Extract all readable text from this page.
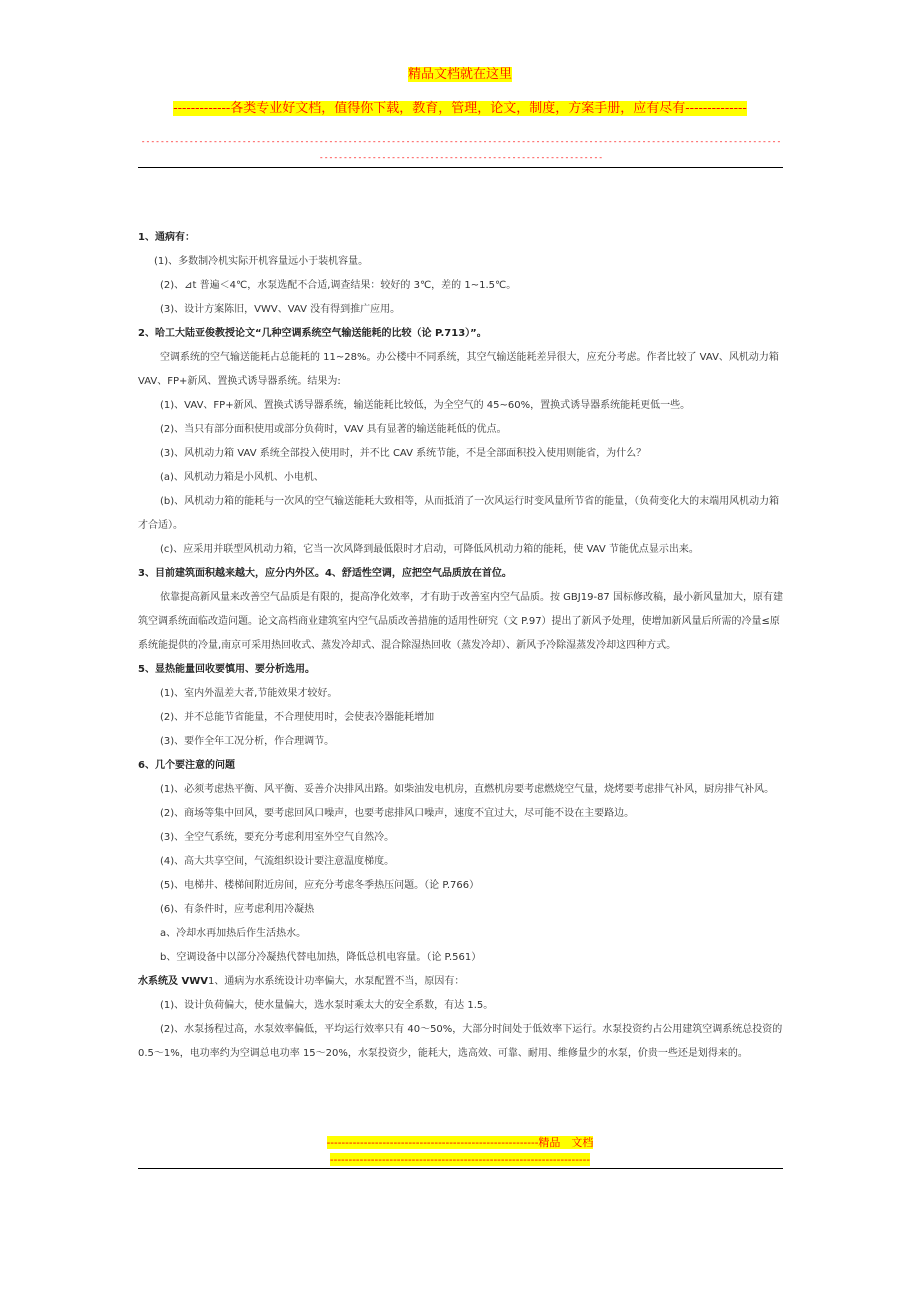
精品文档就在这里
-------------各类专业好文档，值得你下载，教育，管理，论文，制度，方案手册，应有尽有--------------
------------------------------------------------------------------------------------------------------------------------------------------------------------------------------------------------

1、通病有：

(1)、多数制冷机实际开机容量远小于装机容量。

(2)、⊿t 普遍＜4℃，水泵选配不合适,调查结果：较好的 3℃，差的 1~1.5℃。

(3)、设计方案陈旧，VWV、VAV 没有得到推广应用。

2、哈工大陆亚俊教授论文“几种空调系统空气输送能耗的比较（论 P.713）”。

空调系统的空气输送能耗占总能耗的 11~28%。办公楼中不同系统，其空气输送能耗差异很大，应充分考虑。作者比较了 VAV、风机动力箱 VAV、FP+新风、置换式诱导器系统。结果为:

(1)、VAV、FP+新风、置换式诱导器系统，输送能耗比较低，为全空气的 45~60%，置换式诱导器系统能耗更低一些。

(2)、当只有部分面积使用或部分负荷时，VAV 具有显著的输送能耗低的优点。

(3)、风机动力箱 VAV 系统全部投入使用时，并不比 CAV 系统节能，不是全部面积投入使用则能省，为什么？

(a)、风机动力箱是小风机、小电机、

(b)、风机动力箱的能耗与一次风的空气输送能耗大致相等，从而抵消了一次风运行时变风量所节省的能量，（负荷变化大的末端用风机动力箱才合适）。

(c)、应采用并联型风机动力箱，它当一次风降到最低限时才启动，可降低风机动力箱的能耗，使 VAV 节能优点显示出来。

3、目前建筑面积越来越大，应分内外区。4、舒适性空调，应把空气品质放在首位。

依靠提高新风量来改善空气品质是有限的，提高净化效率，才有助于改善室内空气品质。按 GBJ19-87 国标修改稿，最小新风量加大，原有建筑空调系统面临改造问题。论文高档商业建筑室内空气品质改善措施的适用性研究（文 P.97）提出了新风予处理，使增加新风量后所需的冷量≤原系统能提供的冷量,南京可采用热回收式、蒸发冷却式、混合除湿热回收（蒸发冷却）、新风予冷除湿蒸发冷却这四种方式。

5、显热能量回收要慎用、要分析选用。

(1)、室内外温差大者,节能效果才较好。

(2)、并不总能节省能量，不合理使用时，会使表冷器能耗增加

(3)、要作全年工况分析，作合理调节。

6、几个要注意的问题

(1)、必须考虑热平衡、风平衡、妥善介决排风出路。如柴油发电机房，直燃机房要考虑燃烧空气量，烧烤要考虑排气补风，厨房排气补风。

(2)、商场等集中回风，要考虑回风口噪声，也要考虑排风口噪声，速度不宜过大，尽可能不设在主要路边。

(3)、全空气系统，要充分考虑利用室外空气自然冷。

(4)、高大共享空间，气流组织设计要注意温度梯度。

(5)、电梯井、楼梯间附近房间，应充分考虑冬季热压问题。（论 P.766）

(6)、有条件时，应考虑利用冷凝热

a、冷却水再加热后作生活热水。

b、空调设备中以部分冷凝热代替电加热，降低总机电容量。（论 P.561）

水系统及 VWV1、通病为水系统设计功率偏大，水泵配置不当，原因有：

(1)、设计负荷偏大，使水量偏大，选水泵时乘太大的安全系数，有达 1.5。

(2)、水泵扬程过高，水泵效率偏低，平均运行效率只有 40～50%，大部分时间处于低效率下运行。水泵投资约占公用建筑空调系统总投资的 0.5～1%，电功率约为空调总电功率 15～20%，水泵投资少，能耗大，选高效、可靠、耐用、维修量少的水泵，价贵一些还是划得来的。

---------------------------------------------------------精品　文档
----------------------------------------------------------------------
